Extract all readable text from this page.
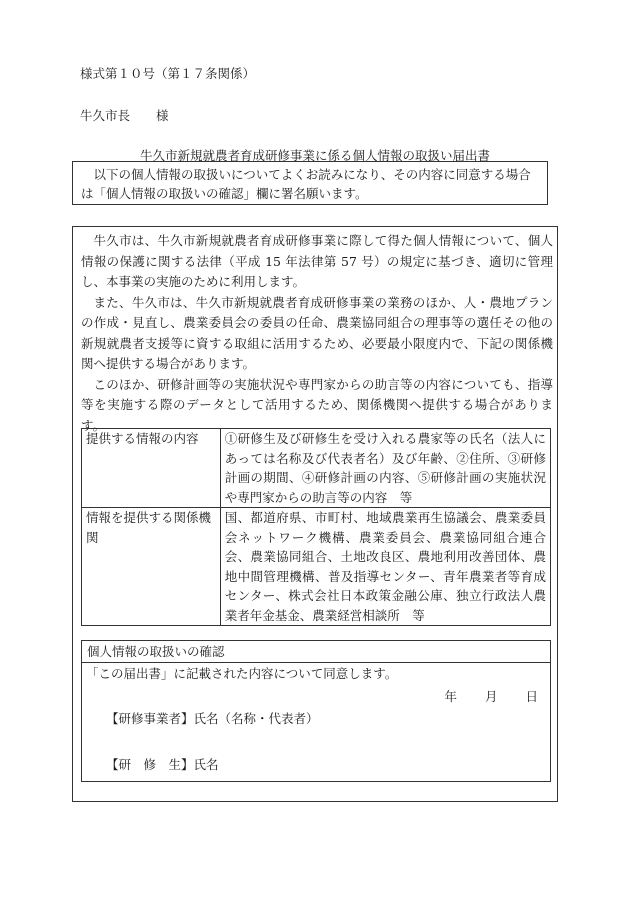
様式第１０号（第１７条関係）
牛久市長 様
牛久市新規就農者育成研修事業に係る個人情報の取扱い届出書

以下の個人情報の取扱いについてよくお読みになり、その内容に同意する場合は「個人情報の取扱いの確認」欄に署名願います。

牛久市は、牛久市新規就農者育成研修事業に際して得た個人情報について、個人情報の保護に関する法律（平成 15 年法律第 57 号）の規定に基づき、適切に管理し、本事業の実施のために利用します。

また、牛久市は、牛久市新規就農者育成研修事業の業務のほか、人・農地プランの作成・見直し、農業委員会の委員の任命、農業協同組合の理事等の選任その他の新規就農者支援等に資する取組に活用するため、必要最小限度内で、下記の関係機関へ提供する場合があります。

このほか、研修計画等の実施状況や専門家からの助言等の内容についても、指導等を実施する際のデータとして活用するため、関係機関へ提供する場合があります。

提供する情報の内容	①研修生及び研修生を受け入れる農家等の氏名（法人にあっては名称及び代表者名）及び年齢、②住所、③研修計画の期間、④研修計画の内容、⑤研修計画の実施状況や専門家からの助言等の内容　等
情報を提供する関係機関	国、都道府県、市町村、地域農業再生協議会、農業委員会ネットワーク機構、農業委員会、農業協同組合連合会、農業協同組合、土地改良区、農地利用改善団体、農地中間管理機構、普及指導センター、青年農業者等育成センター、株式会社日本政策金融公庫、独立行政法人農業者年金基金、農業経営相談所　等
個人情報の取扱いの確認
「この届出書」に記載された内容について同意します。
年 月 日
【研修事業者】氏名（名称・代表者）
【研　修　生】氏名
